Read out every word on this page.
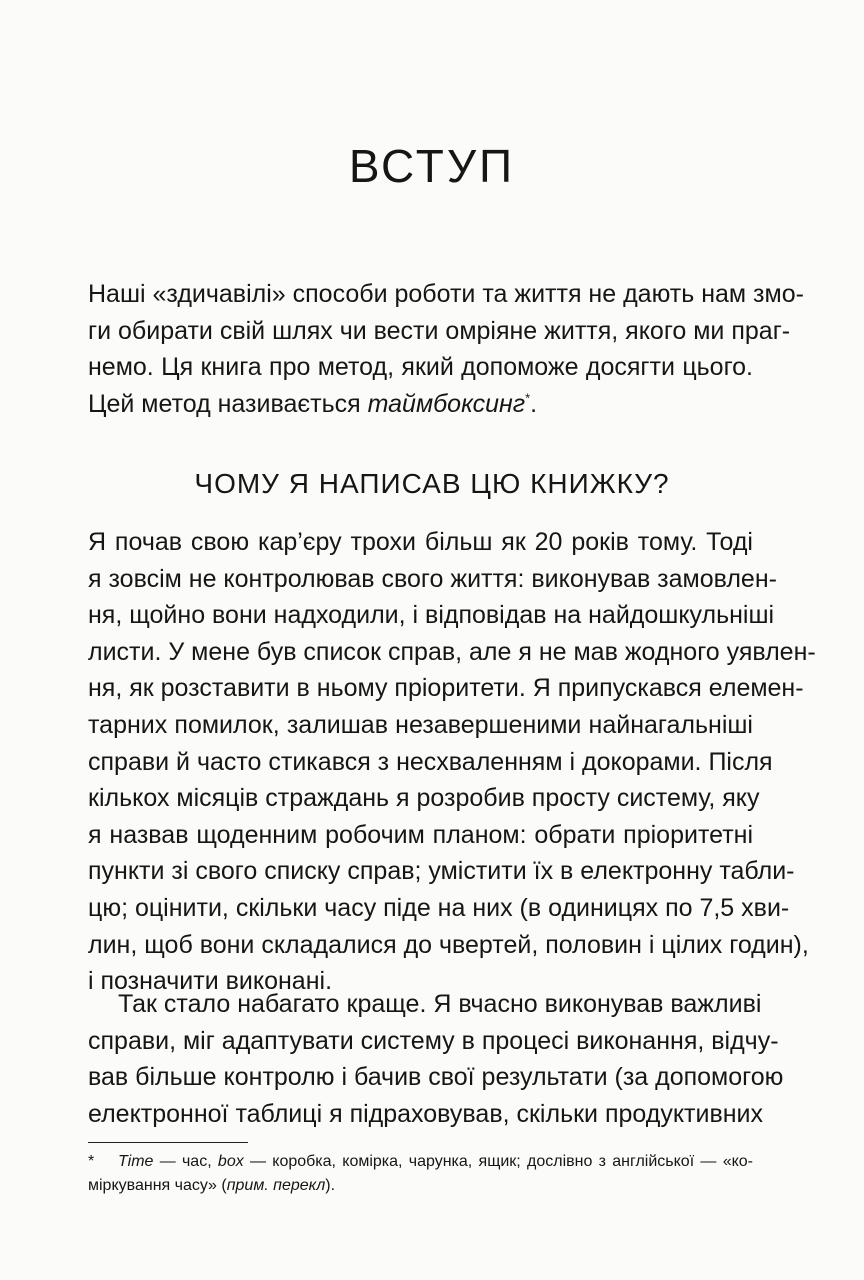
ВСТУП
Наші «здичавілі» способи роботи та життя не дають нам змо-
ги обирати свій шлях чи вести омріяне життя, якого ми праг-
немо. Ця книга про метод, який допоможе досягти цього.
Цей метод називається таймбоксинг*.
ЧОМУ Я НАПИСАВ ЦЮ КНИЖКУ?
Я почав свою кар’єру трохи більш як 20 років тому. Тоді
я зовсім не контролював свого життя: виконував замовлен-
ня, щойно вони надходили, і відповідав на найдошкульніші
листи. У мене був список справ, але я не мав жодного уявлен-
ня, як розставити в ньому пріоритети. Я припускався елемен-
тарних помилок, залишав незавершеними найнагальніші
справи й часто стикався з несхваленням і докорами. Після
кількох місяців страждань я розробив просту систему, яку
я назвав щоденним робочим планом: обрати пріоритетні
пункти зі свого списку справ; умістити їх в електронну табли-
цю; оцінити, скільки часу піде на них (в одиницях по 7,5 хви-
лин, щоб вони складалися до чвертей, половин і цілих годин),
і позначити виконані.
Так стало набагато краще. Я вчасно виконував важливі
справи, міг адаптувати систему в процесі виконання, відчу-
вав більше контролю і бачив свої результати (за допомогою
електронної таблиці я підраховував, скільки продуктивних
* Time — час, box — коробка, комірка, чарунка, ящик; дослівно з англійської — «ко-
міркування часу» (прим. перекл).
